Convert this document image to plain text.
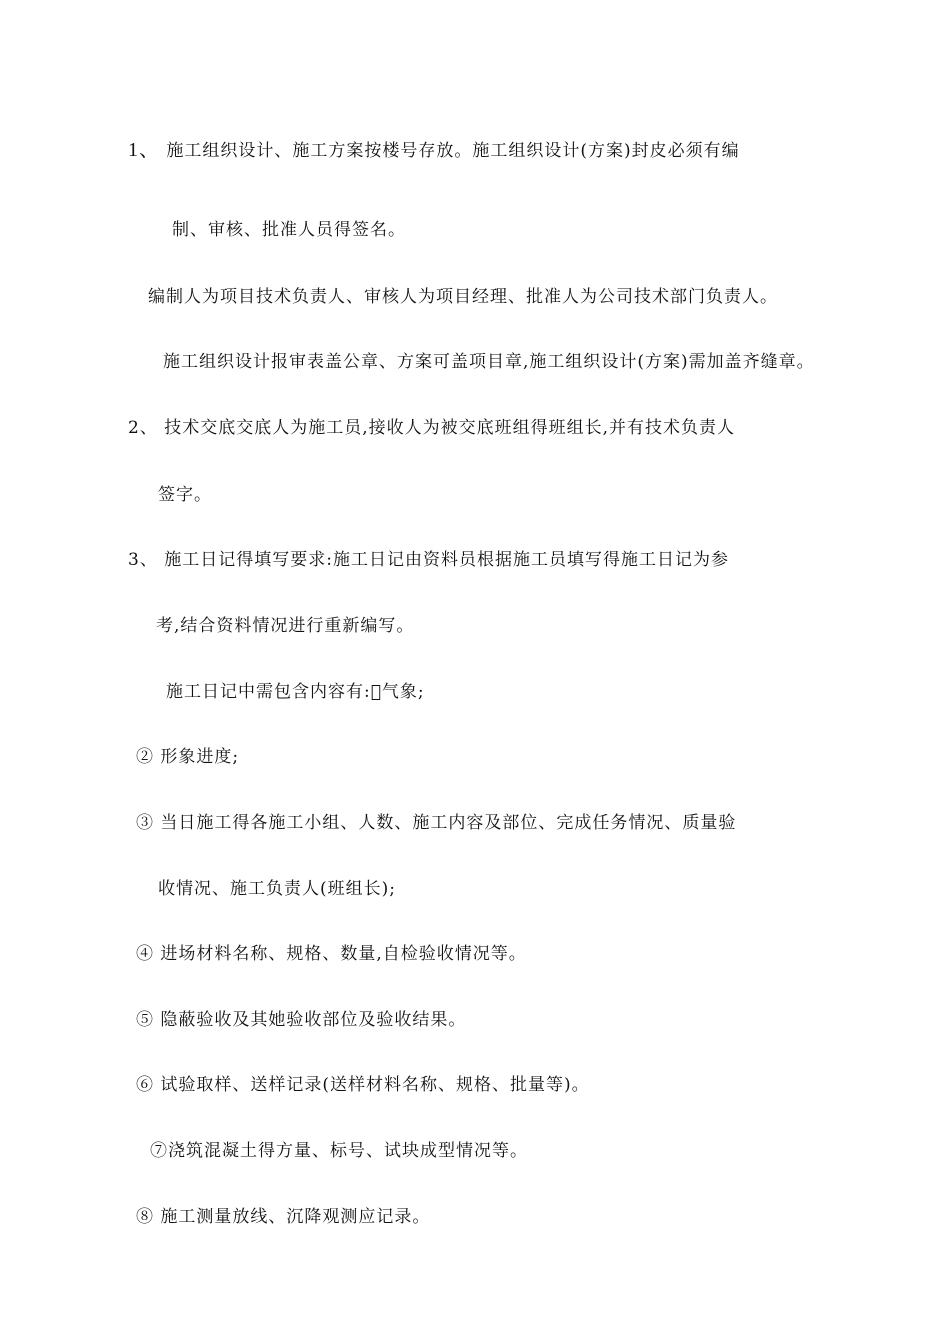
1、 施工组织设计、施工方案按楼号存放。施工组织设计(方案)封皮必须有编
制、审核、批准人员得签名。
编制人为项目技术负责人、审核人为项目经理、批准人为公司技术部门负责人。
施工组织设计报审表盖公章、方案可盖项目章,施工组织设计(方案)需加盖齐缝章。
2、 技术交底交底人为施工员,接收人为被交底班组得班组长,并有技术负责人
签字。
3、 施工日记得填写要求:施工日记由资料员根据施工员填写得施工日记为参
考,结合资料情况进行重新编写。
施工日记中需包含内容有: 气象;
② 形象进度;
③ 当日施工得各施工小组、人数、施工内容及部位、完成任务情况、质量验
收情况、施工负责人(班组长);
④ 进场材料名称、规格、数量,自检验收情况等。
⑤ 隐蔽验收及其她验收部位及验收结果。
⑥ 试验取样、送样记录(送样材料名称、规格、批量等)。
⑦浇筑混凝土得方量、标号、试块成型情况等。
⑧ 施工测量放线、沉降观测应记录。
